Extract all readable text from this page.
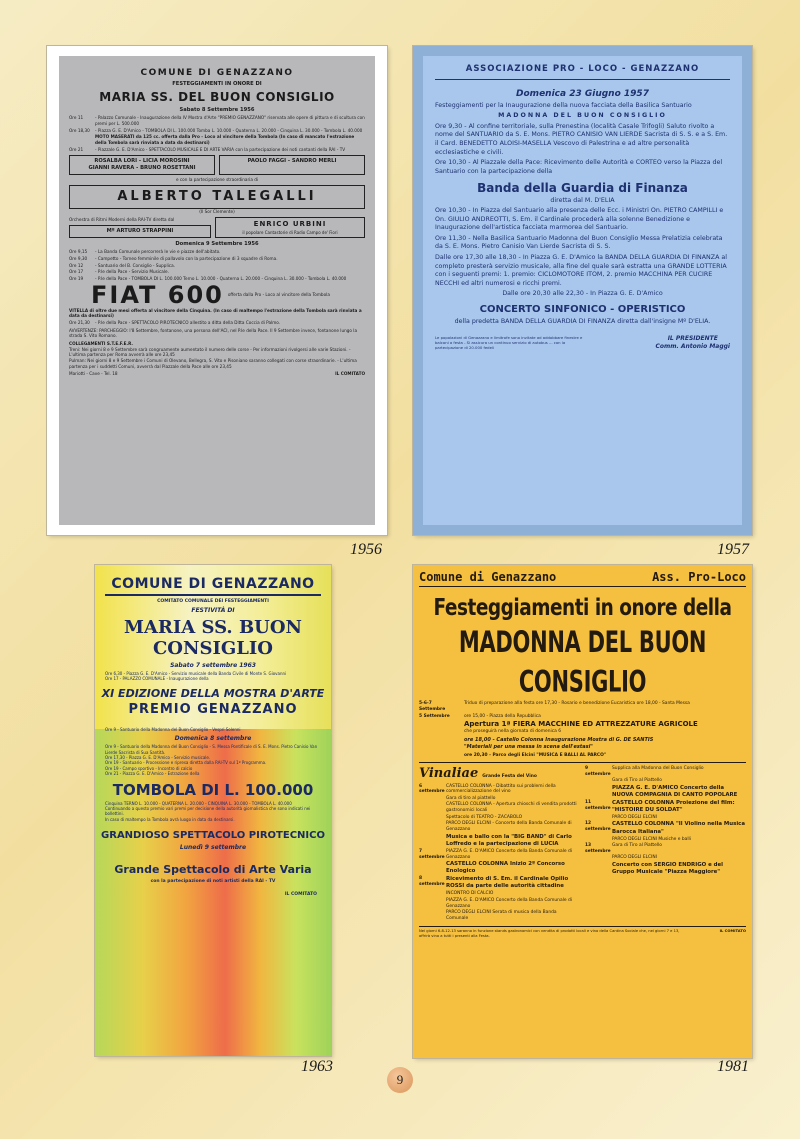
COMUNE DI GENAZZANO
FESTEGGIAMENTI IN ONORE DI
MARIA SS. DEL BUON CONSIGLIO
Sabato 8 Settembre 1956
Ore 11	- Palazzo Comunale - Inaugurazione della IV Mostra d'Arte "PREMIO GENAZZANO" riservata alle opere di pittura e di scultura con premi per L. 500.000
Ore 18,30 - Piazza G. E. D'Amico - TOMBOLA DI L. 100.000 Tomba L. 10.000 - Quaterna L. 20.000 - Cinquina L. 30.000 - Tombola L. 40.000
MOTO MASERATI da 125 cc. offerta dalla Pro - Loco al vincitore della Tombola (In caso di mancato l'estrazione della Tombola sarà rinviata a data da destinarsi)
Ore 21	- Piazzale G. E. D'Amico - SPETTACOLO MUSICALE E DI ARTE VARIA con la partecipazione dei noti cantanti della RAI - TV
ROSALBA LORI - LICIA MOROSINI
GIANNI RAVERA - BRUNO ROSETTANI
PAOLO FAGGI - SANDRO MERLI
e con la partecipazione straordinaria di
ALBERTO TALEGALLI
(Il Sor Clemente)
Orchestra di Ritmi Moderni della RAI-TV diretta dal
Mº ARTURO STRAPPINI
ENRICO URBINI
il popolare Cantastorie di Radio Campo de' Fiori
Domenica 9 Settembre 1956
Ore 9,15	- La Banda Comunale percorrerà le vie e piazze dell'abitato.
Ore 9,30	- Campetto - Torneo femminile di pallavolo con la partecipazione di 3 squadre di Roma.
Ore 12	- Santuario del B. Consiglio - Supplica.
Ore 17	- P.le della Pace - Servizio Musicale.
Ore 19	- P.le della Pace - TOMBOLA DI L. 100.000 Terno L. 10.000 - Quaterna L. 20.000 - Cinquina L. 30.000 - Tombola L. 40.000
FIAT 600 offerta dalla Pro - Loco al vincitore della Tombola
VITELLA di oltre due mesi offerta al vincitore della Cinquina. (In caso di maltempo l'estrazione della Tombola sarà rinviata a data da destinarsi)
Ore 21,30 - P.le della Pace - SPETTACOLO PIROTECNICO allestito a ditta della Ditta Coccia di Palmo.
AVVERTENZE: PARCHEGGIO: l'8 Settembre, fontanone, una persona dell'ACI, nel P.le della Pace. Il 9 Settembre invece, fontanone lungo la strada S. Vito Romano.
COLLEGAMENTI S.T.E.F.E.R.
Treni: Nei giorni 8 e 9 Settembre sarà congruamente aumentato il numero delle corse - Per informazioni rivolgersi alle varie Stazioni. - L'ultima partenza per Roma avverrà alle ore 23,45
Pulman: Nei giorni 8 e 9 Settembre i Comuni di Olevano, Bellegra, S. Vito e Pisoniano saranno collegati con corse straordinarie. - L'ultima partenza per i suddetti Comuni, avverrà dal Piazzale della Pace alle ore 23,45
Mariotti - Cave - Tel. 18	IL COMITATO
1956
ASSOCIAZIONE PRO - LOCO - GENAZZANO
Domenica 23 Giugno 1957

Festeggiamenti per la Inaugurazione della nuova facciata della Basilica Santuario

MADONNA DEL BUON CONSIGLIO

Ore 9,30 - Al confine territoriale, sulla Prenestina (località Casale Trifogli) Saluto rivolto a nome del SANTUARIO da S. E. Mons. PIETRO CANISIO VAN LIERDE Sacrista di S. S. e a S. Em. il Card. BENEDETTO ALOISI-MASELLA Vescovo di Palestrina e ad altre personalità ecclesiastiche e civili.

Ore 10,30 - Al Piazzale della Pace: Ricevimento delle Autorità e CORTEO verso la Piazza del Santuario con la partecipazione della

Banda della Guardia di Finanza
diretta dal M. D'ELIA

Ore 10,30 - In Piazza del Santuario alla presenza delle Ecc. i Ministri On. PIETRO CAMPILLI e On. GIULIO ANDREOTTI, S. Em. il Cardinale procederà alla solenne Benedizione e Inaugurazione dell'artistica facciata marmorea del Santuario.

Ore 11,30 - Nella Basilica Santuario Madonna del Buon Consiglio Messa Prelatizia celebrata da S. E. Mons. Pietro Canisio Van Lierde Sacrista di S. S.

Dalle ore 17,30 alle 18,30 - In Piazza G. E. D'Amico la BANDA DELLA GUARDIA DI FINANZA al completo presterà servizio musicale, alla fine del quale sarà estratta una GRANDE LOTTERIA con i seguenti premi: 1. premio: CICLOMOTORE ITOM, 2. premio MACCHINA PER CUCIRE NECCHI ed altri numerosi e ricchi premi.

Dalle ore 20,30 alle 22,30 - In Piazza G. E. D'Amico

CONCERTO SINFONICO - OPERISTICO

della predetta BANDA DELLA GUARDIA DI FINANZA diretta dall'insigne Mº D'ELIA.

Le popolazioni di Genazzano e limitrofe sono invitate ad addobbare finestre e balconi a festa - Si assicura un continuo servizio di autobus ... con la partecipazione di 20.000 fedeli
IL PRESIDENTE
Comm. Antonio Maggi
1957
COMUNE DI GENAZZANO
COMITATO COMUNALE DEI FESTEGGIAMENTI
FESTIVITÀ DI
MARIA SS. BUON CONSIGLIO
Sabato 7 settembre 1963
Ore 6,30 - Piazza G. E. D'Amico - Servizio musicale della Banda Civile di Monte S. Giovanni
Ore 17 - PALAZZO COMUNALE - Inaugurazione della
XI EDIZIONE DELLA MOSTRA D'ARTE
PREMIO GENAZZANO
Ore 9 - Santuario della Madonna del Buon Consiglio - Vespri Solenni
Domenica 8 settembre
Ore 9 - Santuario della Madonna del Buon Consiglio - S. Messa Pontificale di S. E. Mons. Pietro Canisio Van Lierde Sacrista di Sua Santità.
Ore 17,30 - Piazza G. E. D'Amico - Servizio musicale.
Ore 19 - Santuario - Processione e ripresa diretta dalla RAI-TV sul 1º Programma.
Ore 19 - Campo sportivo - Incontro di calcio
Ore 21 - Piazza G. E. D'Amico - Estrazione della
TOMBOLA DI L. 100.000
Cinquina TERNO L. 10.000 - QUATERNA L. 20.000 - CINQUINA L. 30.000 - TOMBOLA L. 40.000
Continuando a questo premio vari premi per decisione della autorità giornalistica che sono indicati nei bollettini.
In caso di maltempo la Tombola avrà luogo in data da destinarsi.
GRANDIOSO SPETTACOLO PIROTECNICO
Lunedì 9 settembre
Grande Spettacolo di Arte Varia
con la partecipazione di noti artisti della RAI - TV
IL COMITATO
1963
Comune di Genazzano	Ass. Pro-Loco
Festeggiamenti in onore della
MADONNA DEL BUON CONSIGLIO
5-6-7 Settembre
Triduo di preparazione alla festa ore 17,30 - Rosario e benedizione Eucaristica ore 18,00 - Santa Messa
5 Settembre	ore 15,00 - Piazza della Repubblica
Apertura 1ª FIERA MACCHINE ED ATTREZZATURE AGRICOLE
che proseguirà nella giornata di domenica 6
ore 18,00 - Castello Colonna Inaugurazione Mostra di G. DE SANTIS
"Materiali per una messa in scena dell'estasi"
ore 20,30 - Parco degli Elcini "MUSICA E BALLI AL PARCO"
Vinaliae Grande Festa del Vino
6 settembre
CASTELLO COLONNA - Dibattito sui problemi della commercializzazione del vino
Gara di tiro al piattello
CASTELLO COLONNA - Apertura chioschi di vendita prodotti gastronomici locali
Spettacolo di TEATRO - ZACABOLO
PARCO DEGLI ELCINI - Concerto della Banda Comunale di Genazzano
Musica e ballo con la "BIG BAND" di Carlo Loffredo e la partecipazione di LUCIA
7 settembre
PIAZZA G. E. D'AMICO Concerto della Banda Comunale di Genazzano
CASTELLO COLONNA Inizio 2º Concorso Enologico
8 settembre
Ricevimento di S. Em. il Cardinale Opilio ROSSI da parte delle autorità cittadine
INCONTRO DI CALCIO
PIAZZA G. E. D'AMICO Concerto della Banda Comunale di Genazzano
PARCO DEGLI ELCINI Serata di musica della Banda Comunale
9 settembre
Supplica alla Madonna del Buon Consiglio
Gara di Tiro al Piattello
PIAZZA G. E. D'AMICO Concerto della NUOVA COMPAGNIA DI CANTO POPOLARE
11 settembre
CASTELLO COLONNA Proiezione del film: "HISTOIRE DU SOLDAT"
PARCO DEGLI ELCINI
12 settembre
CASTELLO COLONNA "Il Violino nella Musica Barocca Italiana"
PARCO DEGLI ELCINI Musiche e balli
13 settembre
Gara di Tiro al Piattello
PARCO DEGLI ELCINI
Concerto con SERGIO ENDRIGO e del Gruppo Musicale "Piazza Maggiore"
Nei giorni 6-8-12-13 saranno in funzione stands gastronomici con vendita di prodotti locali e vino della Cantina Sociale che, nei giorni 7 e 13, offrirà vino a tutti i presenti alla Festa.
IL COMITATO
1981
9
